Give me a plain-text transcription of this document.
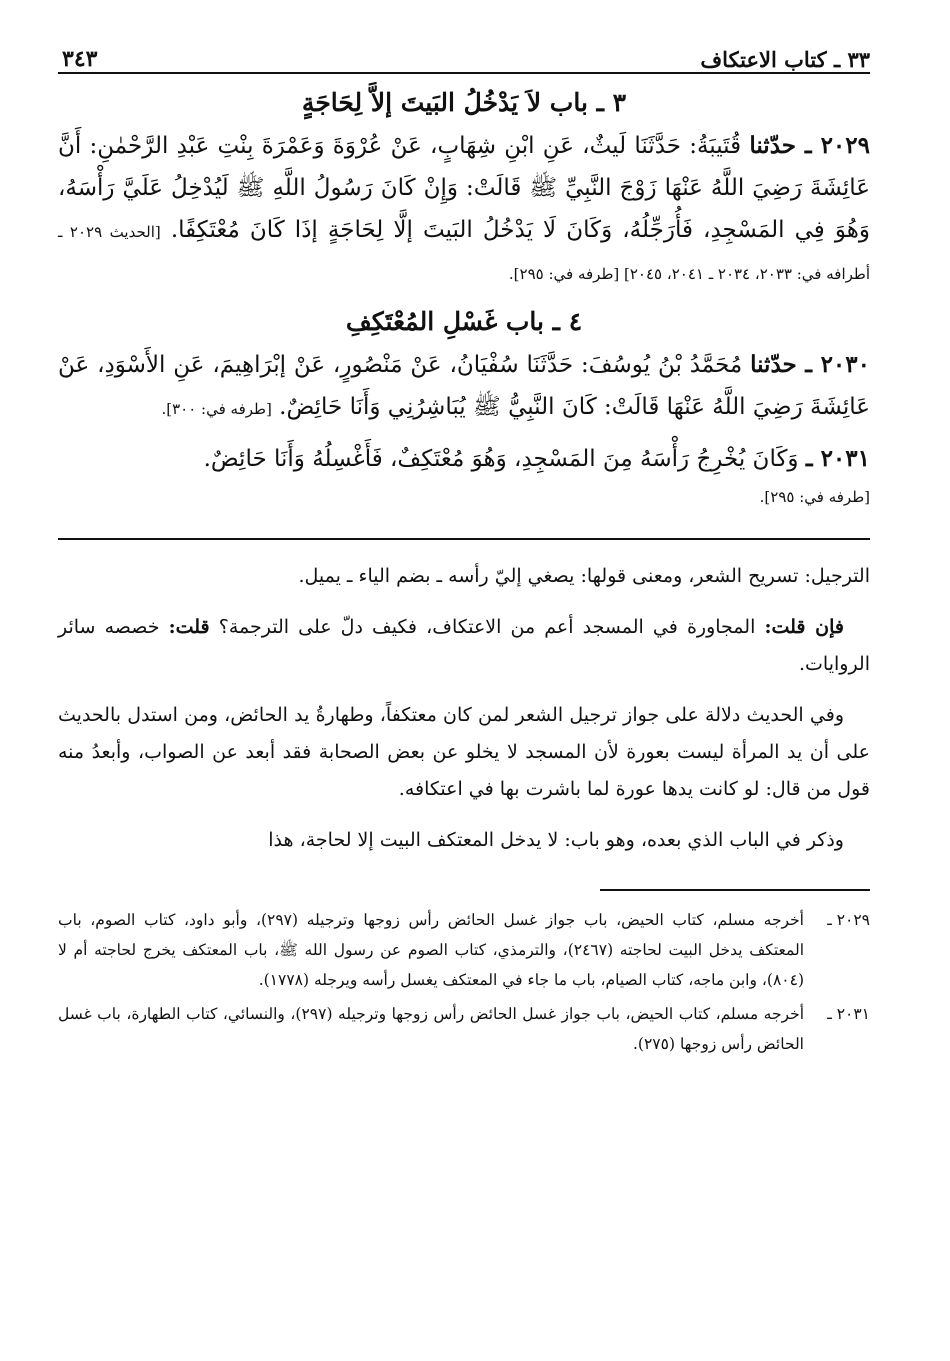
٣٣ ـ كتاب الاعتكاف
٣٤٣
٣ ـ باب لاَ يَدْخُلُ البَيتَ إلاَّ لِحَاجَةٍ

٢٠٢٩ ـ حدّثنا قُتَيبَةُ: حَدَّثَنَا لَيثٌ، عَنِ ابْنِ شِهَابٍ، عَنْ عُرْوَةَ وَعَمْرَةَ بِنْتِ عَبْدِ الرَّحْمٰنِ: أَنَّ عَائِشَةَ رَضِيَ اللَّهُ عَنْهَا زَوْجَ النَّبِيِّ ﷺ قَالَتْ: وَإِنْ كَانَ رَسُولُ اللَّهِ ﷺ لَيُدْخِلُ عَلَيَّ رَأْسَهُ، وَهُوَ فِي المَسْجِدِ، فَأُرَجِّلُهُ، وَكَانَ لَا يَدْخُلُ البَيتَ إلَّا لِحَاجَةٍ إذَا كَانَ مُعْتَكِفًا. [الحديث ٢٠٢٩ ـ أطرافه في: ٢٠٣٣، ٢٠٣٤ ـ ٢٠٤١، ٢٠٤٥] [طرفه في: ٢٩٥].

٤ ـ باب غَسْلِ المُعْتَكِفِ

٢٠٣٠ ـ حدّثنا مُحَمَّدُ بْنُ يُوسُفَ: حَدَّثَنَا سُفْيَانُ، عَنْ مَنْصُورٍ، عَنْ إبْرَاهِيمَ، عَنِ الأَسْوَدِ، عَنْ عَائِشَةَ رَضِيَ اللَّهُ عَنْهَا قَالَتْ: كَانَ النَّبِيُّ ﷺ يُبَاشِرُنِي وَأَنَا حَائِضٌ. [طرفه في: ٣٠٠].

٢٠٣١ ـ وَكَانَ يُخْرِجُ رَأْسَهُ مِنَ المَسْجِدِ، وَهُوَ مُعْتَكِفٌ، فَأَغْسِلُهُ وَأَنَا حَائِضٌ.

[طرفه في: ٢٩٥].

الترجيل: تسريح الشعر، ومعنى قولها: يصغي إليّ رأسه ـ بضم الياء ـ يميل.

فإن قلت: المجاورة في المسجد أعم من الاعتكاف، فكيف دلّ على الترجمة؟ قلت: خصصه سائر الروايات.

وفي الحديث دلالة على جواز ترجيل الشعر لمن كان معتكفاً، وطهارةُ يد الحائض، ومن استدل بالحديث على أن يد المرأة ليست بعورة لأن المسجد لا يخلو عن بعض الصحابة فقد أبعد عن الصواب، وأبعدُ منه قول من قال: لو كانت يدها عورة لما باشرت بها في اعتكافه.

وذكر في الباب الذي بعده، وهو باب: لا يدخل المعتكف البيت إلا لحاجة، هذا

٢٠٢٩ ـ
أخرجه مسلم، كتاب الحيض، باب جواز غسل الحائض رأس زوجها وترجيله (٢٩٧)، وأبو داود، كتاب الصوم، باب المعتكف يدخل البيت لحاجته (٢٤٦٧)، والترمذي، كتاب الصوم عن رسول الله ﷺ، باب المعتكف يخرج لحاجته أم لا (٨٠٤)، وابن ماجه، كتاب الصيام، باب ما جاء في المعتكف يغسل رأسه ويرجله (١٧٧٨).
٢٠٣١ ـ
أخرجه مسلم، كتاب الحيض، باب جواز غسل الحائض رأس زوجها وترجيله (٢٩٧)، والنسائي، كتاب الطهارة، باب غسل الحائض رأس زوجها (٢٧٥).
